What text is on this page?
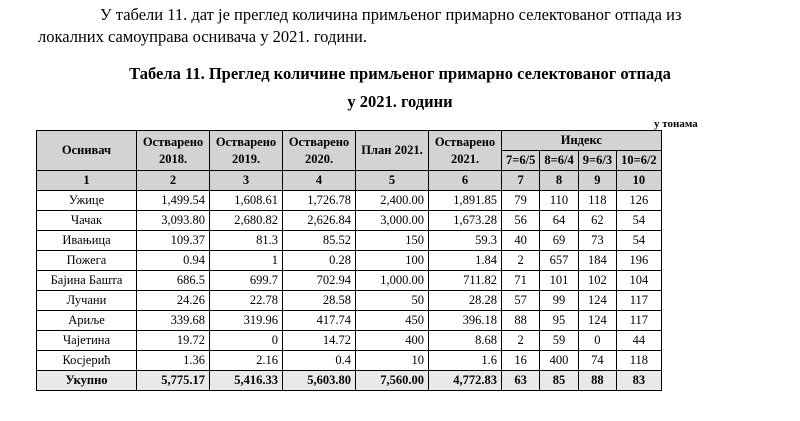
У табели 11. дат је преглед количина примљеног примарно селектованог отпада из
локалних самоуправа оснивача у 2021. години.
Табела 11. Преглед количине примљеног примарно селектованог отпада
у 2021. години
у тонама
Оснивач	Остварено 2018.	Остварено 2019.	Остварено 2020.	План 2021.	Остварено 2021.	Индекс			
						7=6/5	8=6/4	9=6/3	10=6/2
1	2	3	4	5	6	7	8	9	10
Ужице	1,499.54	1,608.61	1,726.78	2,400.00	1,891.85	79	110	118	126
Чачак	3,093.80	2,680.82	2,626.84	3,000.00	1,673.28	56	64	62	54
Ивањица	109.37	81.3	85.52	150	59.3	40	69	73	54
Пожега	0.94	1	0.28	100	1.84	2	657	184	196
Бајина Башта	686.5	699.7	702.94	1,000.00	711.82	71	101	102	104
Лучани	24.26	22.78	28.58	50	28.28	57	99	124	117
Ариље	339.68	319.96	417.74	450	396.18	88	95	124	117
Чајетина	19.72	0	14.72	400	8.68	2	59	0	44
Косјерић	1.36	2.16	0.4	10	1.6	16	400	74	118
Укупно	5,775.17	5,416.33	5,603.80	7,560.00	4,772.83	63	85	88	83
